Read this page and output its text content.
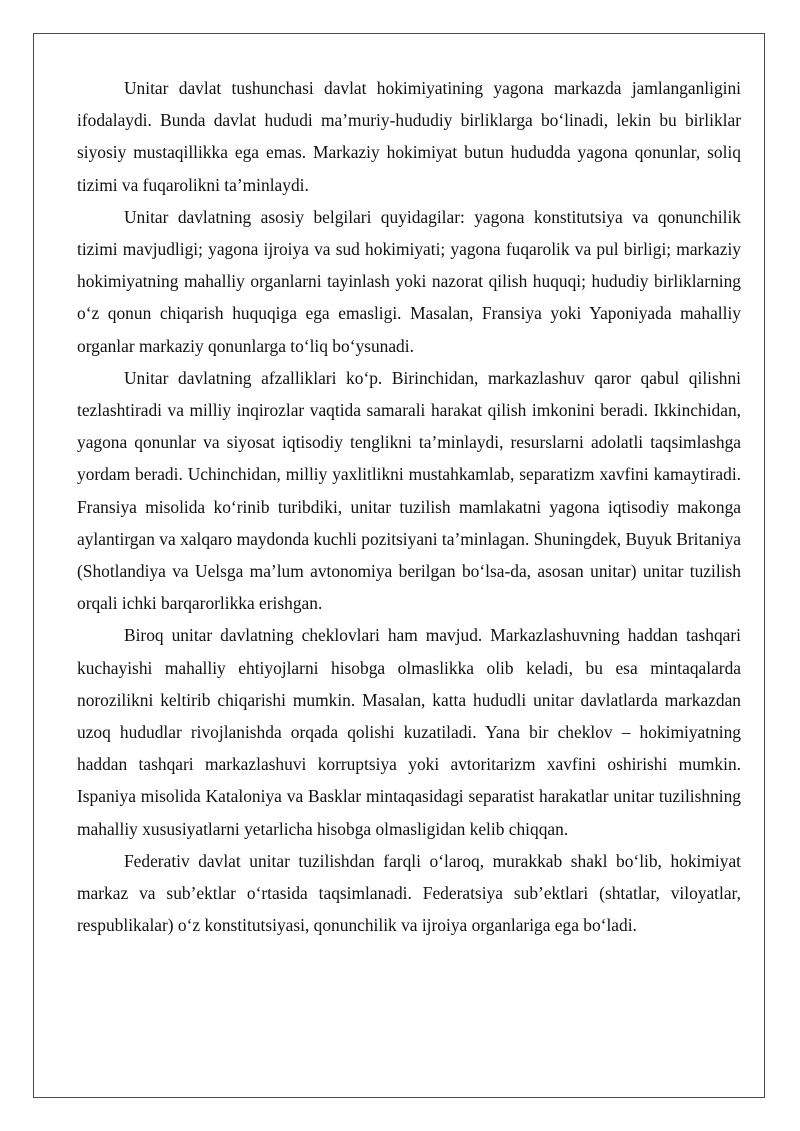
Unitar davlat tushunchasi davlat hokimiyatining yagona markazda jamlanganligini ifodalaydi. Bunda davlat hududi ma’muriy-hududiy birliklarga bo‘linadi, lekin bu birliklar siyosiy mustaqillikka ega emas. Markaziy hokimiyat butun hududda yagona qonunlar, soliq tizimi va fuqarolikni ta’minlaydi.

Unitar davlatning asosiy belgilari quyidagilar: yagona konstitutsiya va qonunchilik tizimi mavjudligi; yagona ijroiya va sud hokimiyati; yagona fuqarolik va pul birligi; markaziy hokimiyatning mahalliy organlarni tayinlash yoki nazorat qilish huquqi; hududiy birliklarning o‘z qonun chiqarish huquqiga ega emasligi. Masalan, Fransiya yoki Yaponiyada mahalliy organlar markaziy qonunlarga to‘liq bo‘ysunadi.

Unitar davlatning afzalliklari ko‘p. Birinchidan, markazlashuv qaror qabul qilishni tezlashtiradi va milliy inqirozlar vaqtida samarali harakat qilish imkonini beradi. Ikkinchidan, yagona qonunlar va siyosat iqtisodiy tenglikni ta’minlaydi, resurslarni adolatli taqsimlashga yordam beradi. Uchinchidan, milliy yaxlitlikni mustahkamlab, separatizm xavfini kamaytiradi. Fransiya misolida ko‘rinib turibdiki, unitar tuzilish mamlakatni yagona iqtisodiy makonga aylantirgan va xalqaro maydonda kuchli pozitsiyani ta’minlagan. Shuningdek, Buyuk Britaniya (Shotlandiya va Uelsga ma’lum avtonomiya berilgan bo‘lsa-da, asosan unitar) unitar tuzilish orqali ichki barqarorlikka erishgan.

Biroq unitar davlatning cheklovlari ham mavjud. Markazlashuvning haddan tashqari kuchayishi mahalliy ehtiyojlarni hisobga olmaslikka olib keladi, bu esa mintaqalarda norozilikni keltirib chiqarishi mumkin. Masalan, katta hududli unitar davlatlarda markazdan uzoq hududlar rivojlanishda orqada qolishi kuzatiladi. Yana bir cheklov – hokimiyatning haddan tashqari markazlashuvi korruptsiya yoki avtoritarizm xavfini oshirishi mumkin. Ispaniya misolida Kataloniya va Basklar mintaqasidagi separatist harakatlar unitar tuzilishning mahalliy xususiyatlarni yetarlicha hisobga olmasligidan kelib chiqqan.

Federativ davlat unitar tuzilishdan farqli o‘laroq, murakkab shakl bo‘lib, hokimiyat markaz va sub’ektlar o‘rtasida taqsimlanadi. Federatsiya sub’ektlari (shtatlar, viloyatlar, respublikalar) o‘z konstitutsiyasi, qonunchilik va ijroiya organlariga ega bo‘ladi.
